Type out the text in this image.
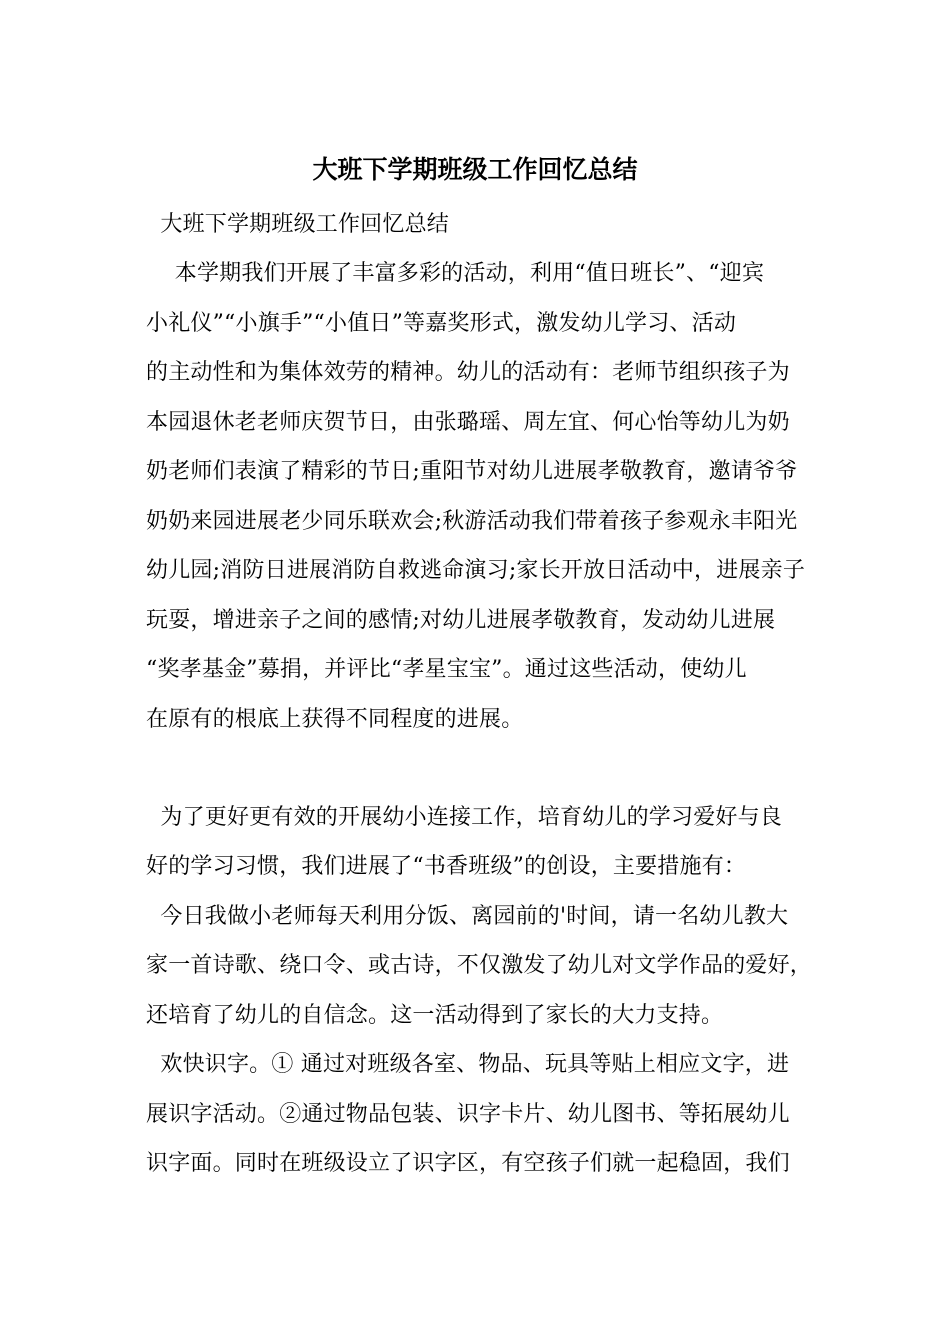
大班下学期班级工作回忆总结

大班下学期班级工作回忆总结

本学期我们开展了丰富多彩的活动，利用“值日班长”、“迎宾

小礼仪”“小旗手”“小值日”等嘉奖形式，激发幼儿学习、活动

的主动性和为集体效劳的精神。幼儿的活动有：老师节组织孩子为

本园退休老老师庆贺节日，由张璐瑶、周左宜、何心怡等幼儿为奶

奶老师们表演了精彩的节日;重阳节对幼儿进展孝敬教育，邀请爷爷

奶奶来园进展老少同乐联欢会;秋游活动我们带着孩子参观永丰阳光

幼儿园;消防日进展消防自救逃命演习;家长开放日活动中，进展亲子

玩耍，增进亲子之间的感情;对幼儿进展孝敬教育，发动幼儿进展

“奖孝基金”募捐，并评比“孝星宝宝”。通过这些活动，使幼儿

在原有的根底上获得不同程度的进展。

为了更好更有效的开展幼小连接工作，培育幼儿的学习爱好与良

好的学习习惯，我们进展了“书香班级”的创设，主要措施有：

今日我做小老师每天利用分饭、离园前的'时间，请一名幼儿教大

家一首诗歌、绕口令、或古诗，不仅激发了幼儿对文学作品的爱好，

还培育了幼儿的自信念。这一活动得到了家长的大力支持。

欢快识字。① 通过对班级各室、物品、玩具等贴上相应文字，进

展识字活动。②通过物品包装、识字卡片、幼儿图书、等拓展幼儿

识字面。同时在班级设立了识字区，有空孩子们就一起稳固，我们
